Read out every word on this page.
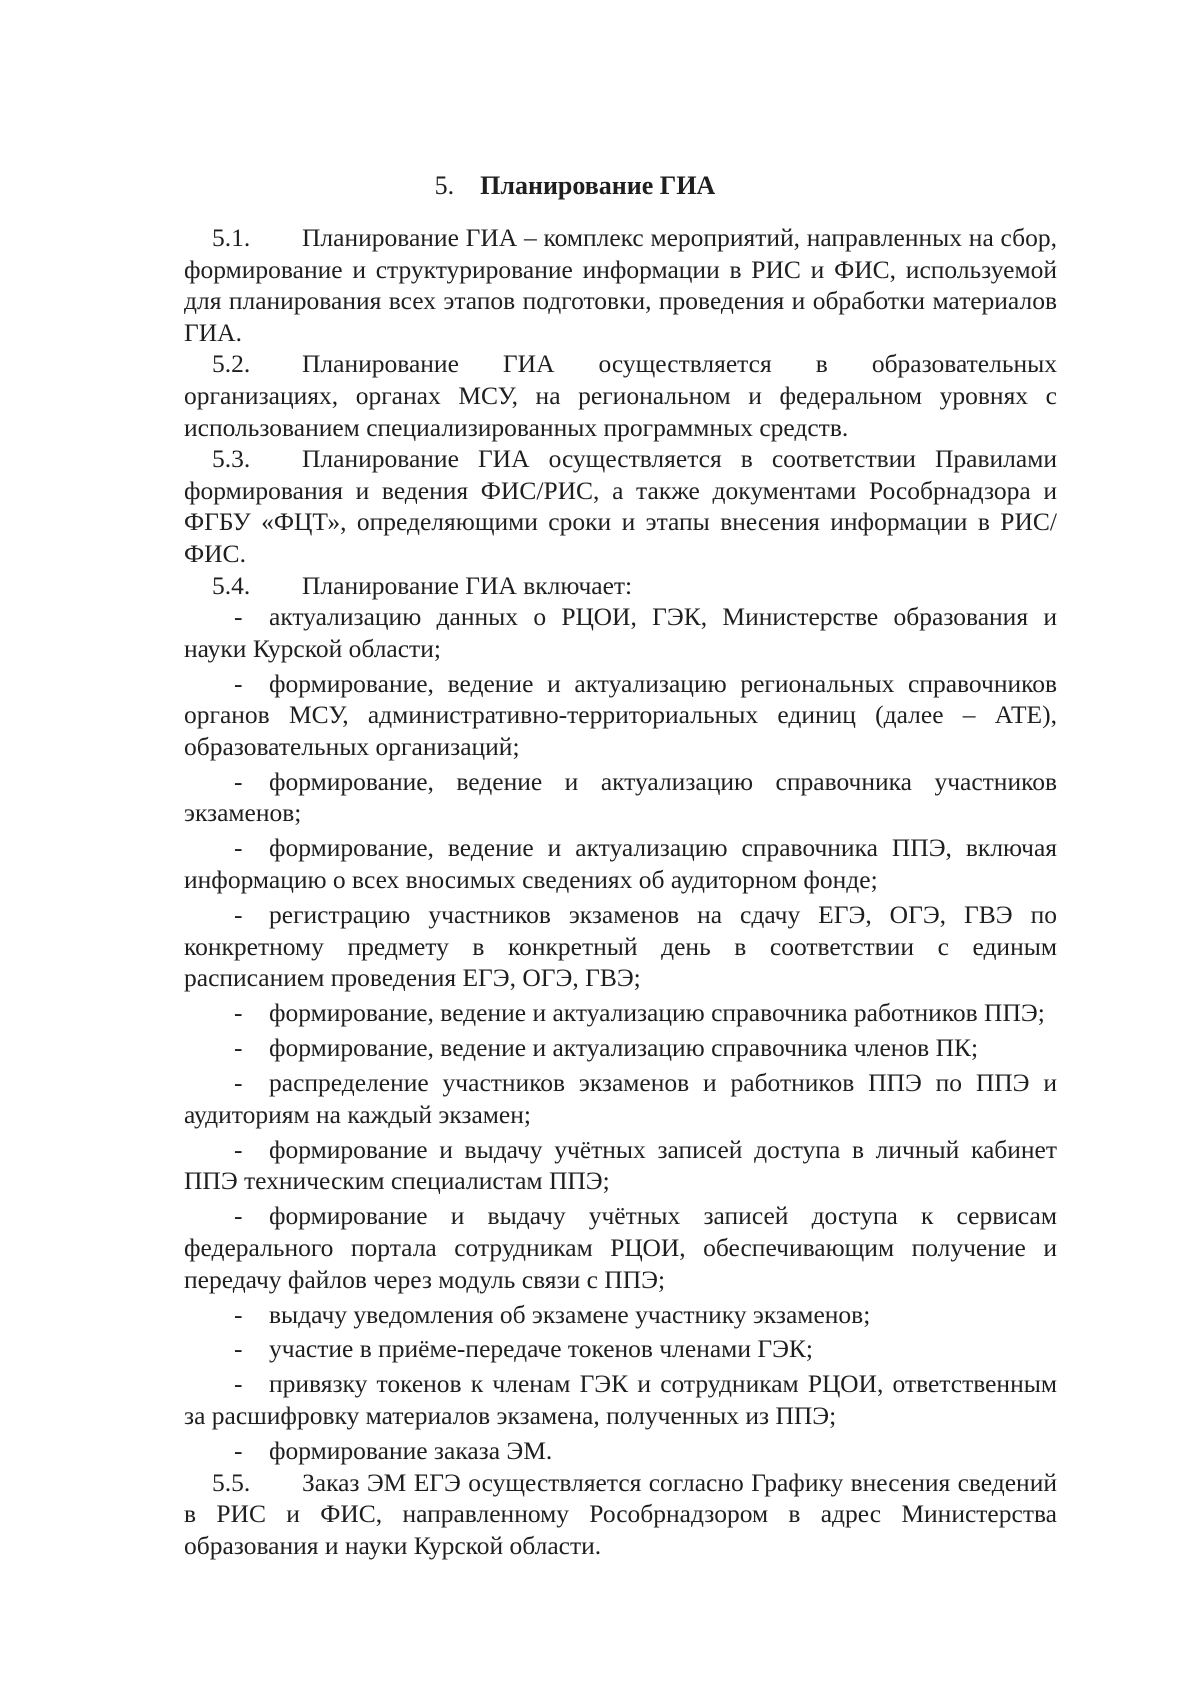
5. Планирование ГИА

5.1. Планирование ГИА – комплекс мероприятий, направленных на сбор, формирование и структурирование информации в РИС и ФИС, используемой для планирования всех этапов подготовки, проведения и обработки материалов ГИА.

5.2. Планирование ГИА осуществляется в образовательных организациях, органах МСУ, на региональном и федеральном уровнях с использованием специализированных программных средств.

5.3. Планирование ГИА осуществляется в соответствии Правилами формирования и ведения ФИС/РИС, а также документами Рособрнадзора и ФГБУ «ФЦТ», определяющими сроки и этапы внесения информации в РИС/ФИС.

5.4. Планирование ГИА включает:

- актуализацию данных о РЦОИ, ГЭК, Министерстве образования и науки Курской области;
- формирование, ведение и актуализацию региональных справочников органов МСУ, административно-территориальных единиц (далее – АТЕ), образовательных организаций;
- формирование, ведение и актуализацию справочника участников экзаменов;
- формирование, ведение и актуализацию справочника ППЭ, включая информацию о всех вносимых сведениях об аудиторном фонде;
- регистрацию участников экзаменов на сдачу ЕГЭ, ОГЭ, ГВЭ по конкретному предмету в конкретный день в соответствии с единым расписанием проведения ЕГЭ, ОГЭ, ГВЭ;
- формирование, ведение и актуализацию справочника работников ППЭ;
- формирование, ведение и актуализацию справочника членов ПК;
- распределение участников экзаменов и работников ППЭ по ППЭ и аудиториям на каждый экзамен;
- формирование и выдачу учётных записей доступа в личный кабинет ППЭ техническим специалистам ППЭ;
- формирование и выдачу учётных записей доступа к сервисам федерального портала сотрудникам РЦОИ, обеспечивающим получение и передачу файлов через модуль связи с ППЭ;
- выдачу уведомления об экзамене участнику экзаменов;
- участие в приёме-передаче токенов членами ГЭК;
- привязку токенов к членам ГЭК и сотрудникам РЦОИ, ответственным за расшифровку материалов экзамена, полученных из ППЭ;
- формирование заказа ЭМ.

5.5. Заказ ЭМ ЕГЭ осуществляется согласно Графику внесения сведений в РИС и ФИС, направленному Рособрнадзором в адрес Министерства образования и науки Курской области.
